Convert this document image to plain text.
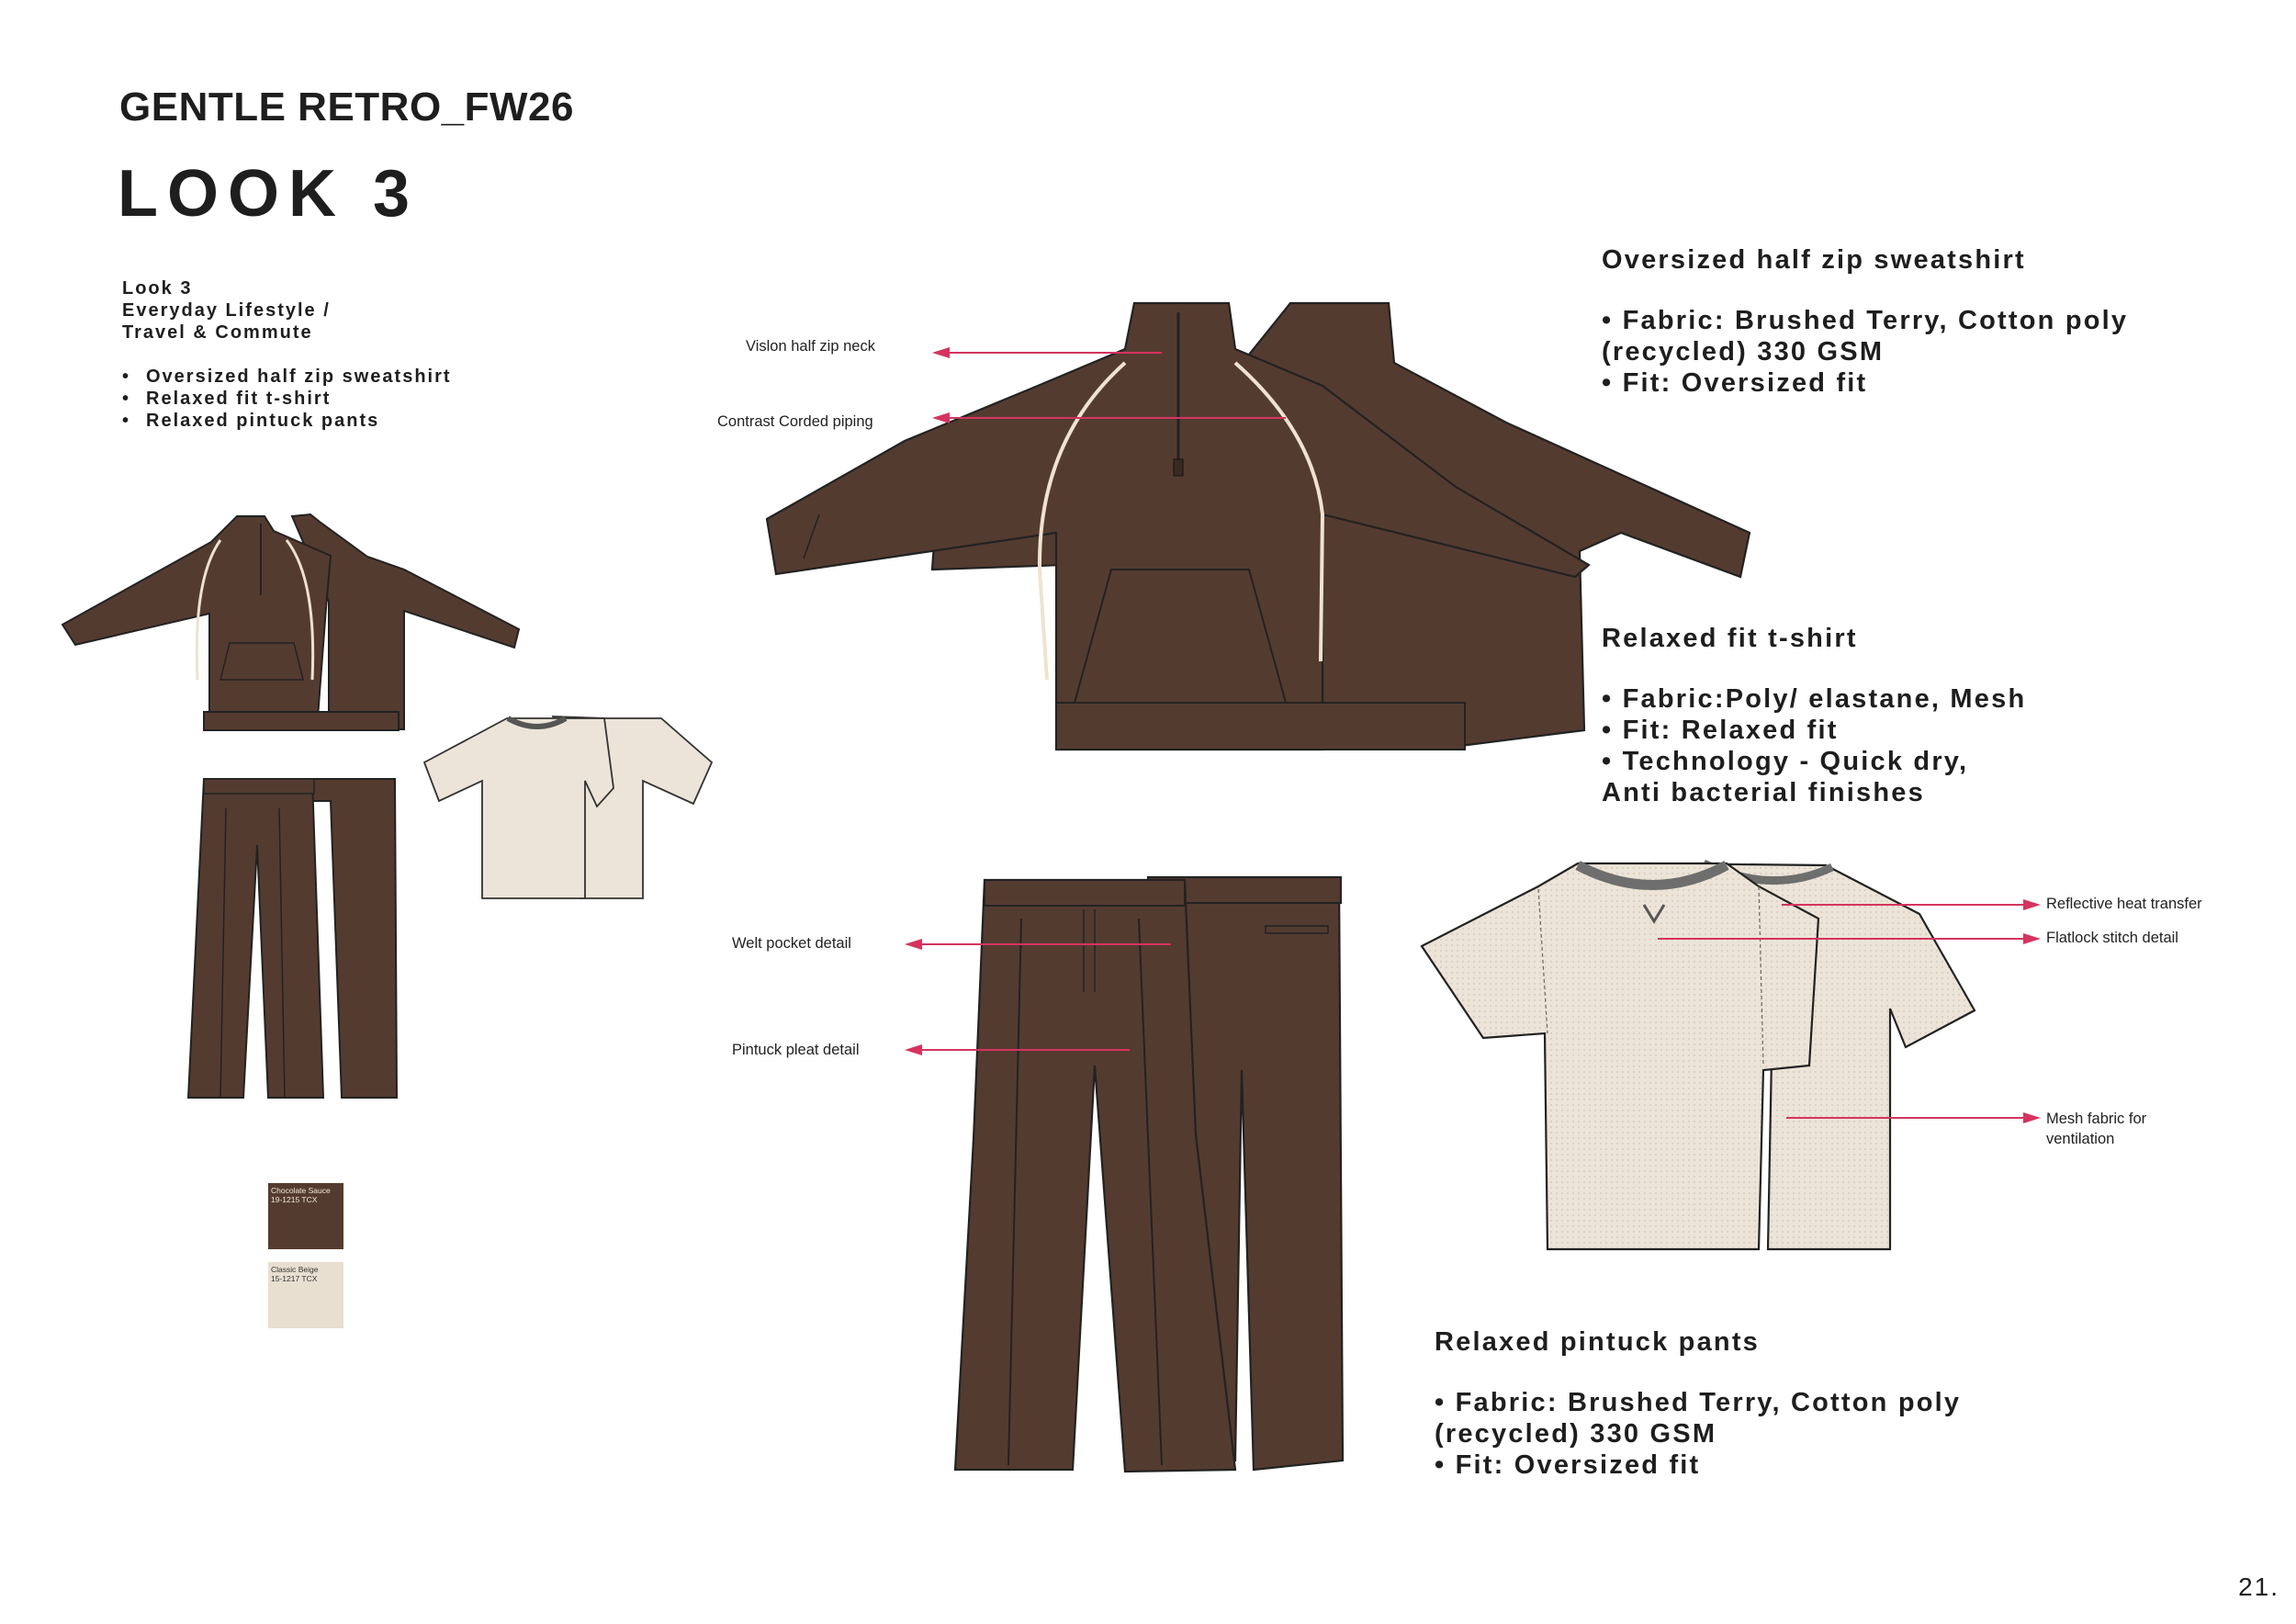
GENTLE RETRO_FW26
LOOK 3
Look 3
Everyday Lifestyle /
Travel & Commute
• Oversized half zip sweatshirt
• Relaxed fit t-shirt
• Relaxed pintuck pants
Vislon half zip neck
Contrast Corded piping
Welt pocket detail
Pintuck pleat detail
Reflective heat transfer
Flatlock stitch detail
Mesh fabric for
ventilation
Oversized half zip sweatshirt
• Fabric: Brushed Terry, Cotton poly
(recycled) 330 GSM
• Fit: Oversized fit
Relaxed fit t-shirt
• Fabric:Poly/ elastane, Mesh
• Fit: Relaxed fit
• Technology - Quick dry,
Anti bacterial finishes
Relaxed pintuck pants
• Fabric: Brushed Terry, Cotton poly
(recycled) 330 GSM
• Fit: Oversized fit
Chocolate Sauce
19-1215 TCX
Classic Beige
15-1217 TCX
21.
